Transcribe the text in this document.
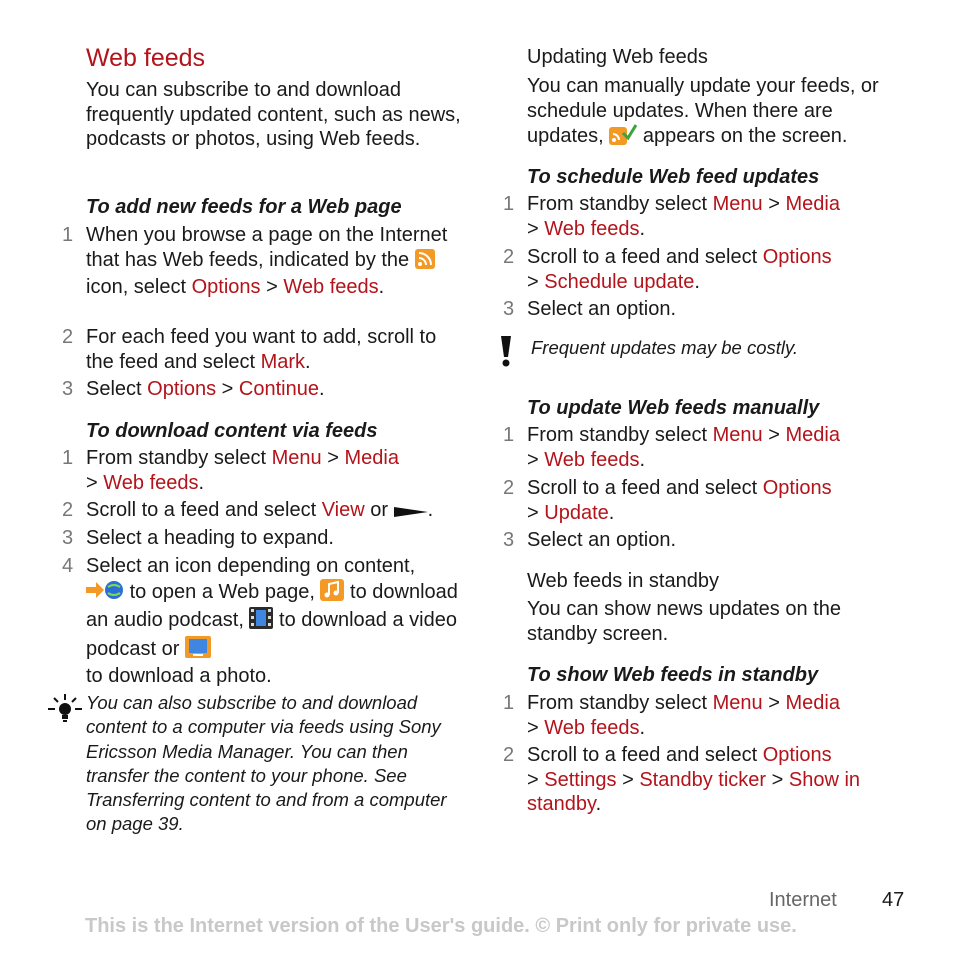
Web feeds
You can subscribe to and download frequently updated content, such as news, podcasts or photos, using Web feeds.
To add new feeds for a Web page
1 When you browse a page on the Internet that has Web feeds, indicated by the  icon, select Options > Web feeds.
2 For each feed you want to add, scroll to the feed and select Mark.
3 Select Options > Continue.
To download content via feeds
1 From standby select Menu > Media
> Web feeds.
2 Scroll to a feed and select View or .
3 Select a heading to expand.
4 Select an icon depending on content,
to open a Web page, to download an audio podcast, to download a video podcast or
to download a photo.
You can also subscribe to and download content to a computer via feeds using Sony Ericsson Media Manager. You can then transfer the content to your phone. See Transferring content to and from a computer on page 39.
Updating Web feeds
You can manually update your feeds, or schedule updates. When there are updates, appears on the screen.
To schedule Web feed updates
1 From standby select Menu > Media
> Web feeds.
2 Scroll to a feed and select Options
> Schedule update.
3 Select an option.
Frequent updates may be costly.
To update Web feeds manually
1 From standby select Menu > Media
> Web feeds.
2 Scroll to a feed and select Options
> Update.
3 Select an option.
Web feeds in standby
You can show news updates on the standby screen.
To show Web feeds in standby
1 From standby select Menu > Media
> Web feeds.
2 Scroll to a feed and select Options
> Settings > Standby ticker > Show in standby.
Internet 47
This is the Internet version of the User's guide. © Print only for private use.
